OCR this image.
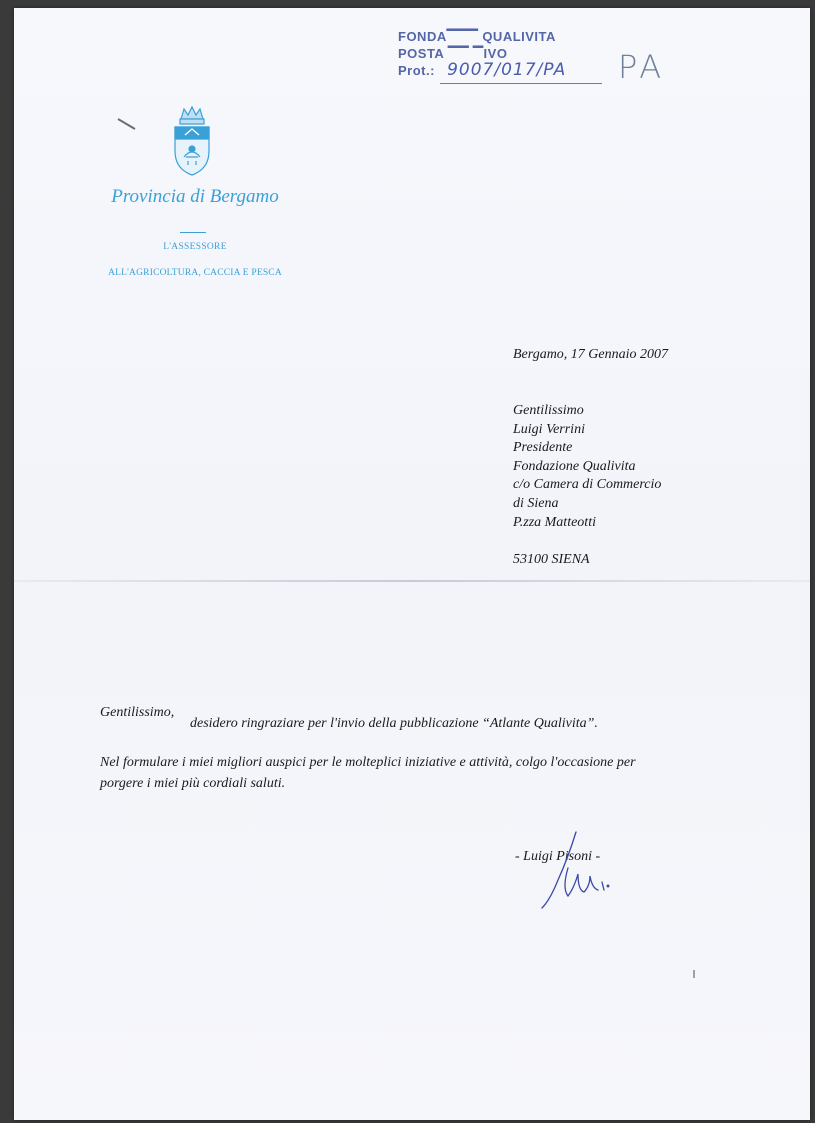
FONDA▔▔▔ QUALIVITA
POSTA ▔▔ ▔IVO
Prot.: 9007/017/PA	PA
Provincia di Bergamo
L'ASSESSORE
ALL'AGRICOLTURA, CACCIA E PESCA
Bergamo, 17 Gennaio 2007
Gentilissimo
Luigi Verrini
Presidente
Fondazione Qualivita
c/o Camera di Commercio
di Siena
P.zza Matteotti
53100 SIENA
Gentilissimo,
desidero ringraziare per l'invio della pubblicazione “Atlante Qualivita”.
Nel formulare i miei migliori auspici per le molteplici iniziative e attività, colgo l'occasione per
porgere i miei più cordiali saluti.
- Luigi Pisoni -
